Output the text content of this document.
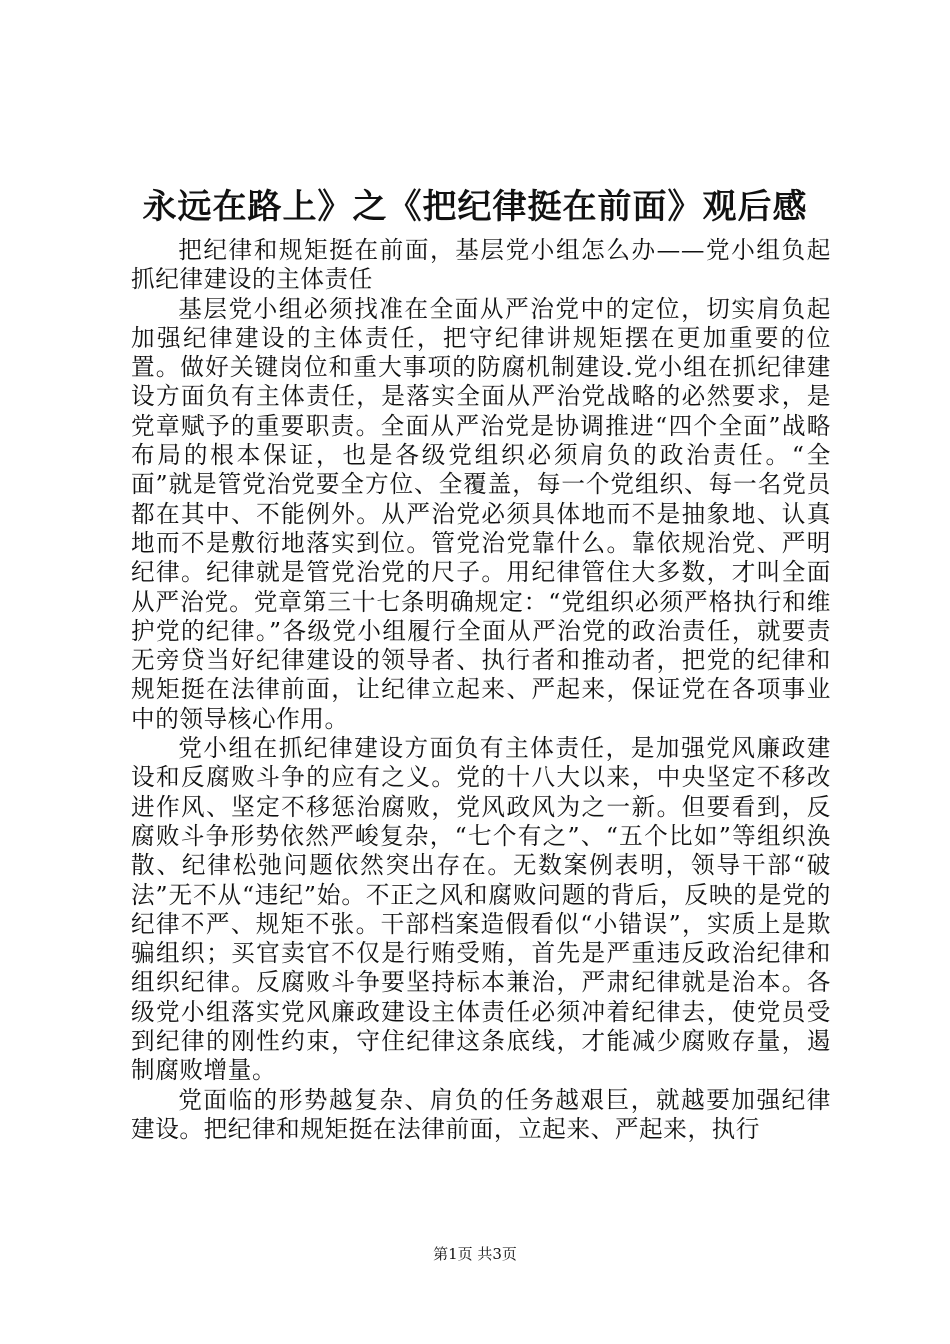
永远在路上》之《把纪律挺在前面》观后感

把纪律和规矩挺在前面，基层党小组怎么办——党小组负起抓纪律建设的主体责任

基层党小组必须找准在全面从严治党中的定位，切实肩负起加强纪律建设的主体责任，把守纪律讲规矩摆在更加重要的位置。做好关键岗位和重大事项的防腐机制建设.党小组在抓纪律建设方面负有主体责任，是落实全面从严治党战略的必然要求，是党章赋予的重要职责。全面从严治党是协调推进“四个全面”战略布局的根本保证，也是各级党组织必须肩负的政治责任。“全面”就是管党治党要全方位、全覆盖，每一个党组织、每一名党员都在其中、不能例外。从严治党必须具体地而不是抽象地、认真地而不是敷衍地落实到位。管党治党靠什么。靠依规治党、严明纪律。纪律就是管党治党的尺子。用纪律管住大多数，才叫全面从严治党。党章第三十七条明确规定：“党组织必须严格执行和维护党的纪律。”各级党小组履行全面从严治党的政治责任，就要责无旁贷当好纪律建设的领导者、执行者和推动者，把党的纪律和规矩挺在法律前面，让纪律立起来、严起来，保证党在各项事业中的领导核心作用。

党小组在抓纪律建设方面负有主体责任，是加强党风廉政建设和反腐败斗争的应有之义。党的十八大以来，中央坚定不移改进作风、坚定不移惩治腐败，党风政风为之一新。但要看到，反腐败斗争形势依然严峻复杂，“七个有之”、“五个比如”等组织涣散、纪律松弛问题依然突出存在。无数案例表明，领导干部“破法”无不从“违纪”始。不正之风和腐败问题的背后，反映的是党的纪律不严、规矩不张。干部档案造假看似“小错误”，实质上是欺骗组织；买官卖官不仅是行贿受贿，首先是严重违反政治纪律和组织纪律。反腐败斗争要坚持标本兼治，严肃纪律就是治本。各级党小组落实党风廉政建设主体责任必须冲着纪律去，使党员受到纪律的刚性约束，守住纪律这条底线，才能减少腐败存量，遏制腐败增量。

党面临的形势越复杂、肩负的任务越艰巨，就越要加强纪律建设。把纪律和规矩挺在法律前面，立起来、严起来，执行

第1页 共3页
